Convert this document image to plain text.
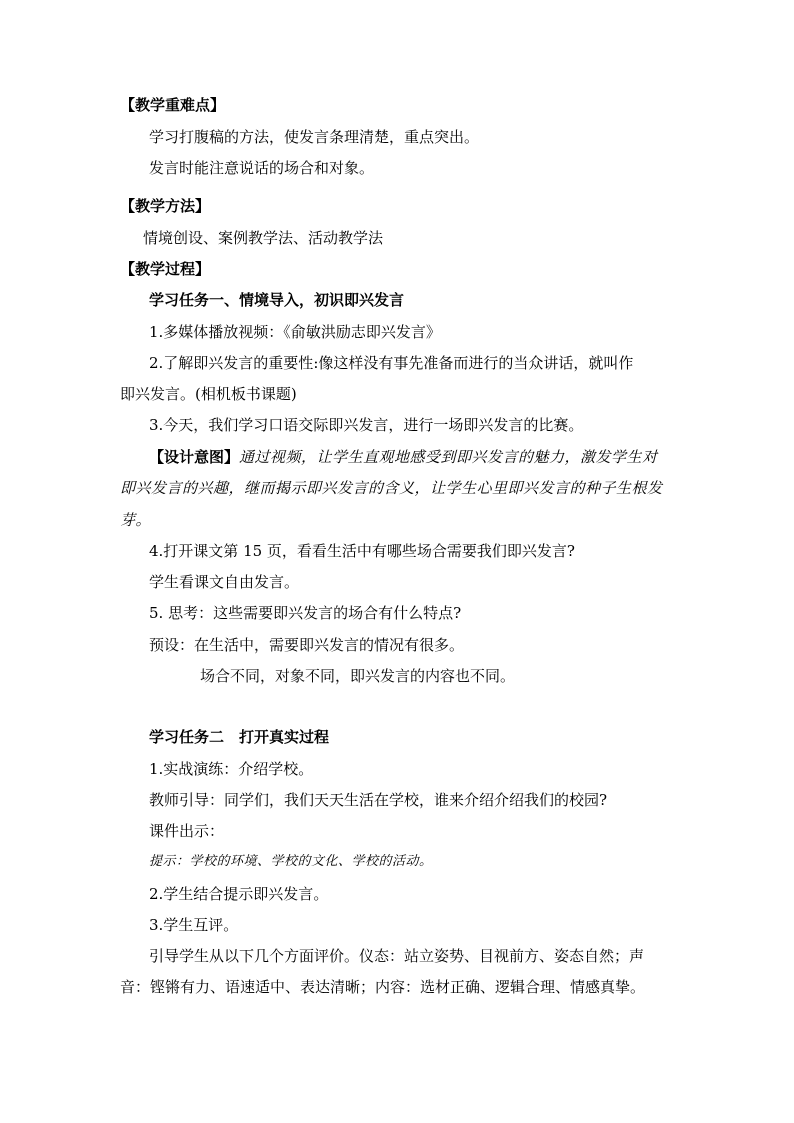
【教学重难点】
学习打腹稿的方法，使发言条理清楚，重点突出。
发言时能注意说话的场合和对象。
【教学方法】
情境创设、案例教学法、活动教学法
【教学过程】
学习任务一、情境导入，初识即兴发言
1.多媒体播放视频：《俞敏洪励志即兴发言》
2.了解即兴发言的重要性:像这样没有事先准备而进行的当众讲话，就叫作
即兴发言。(相机板书课题)
3.今天，我们学习口语交际即兴发言，进行一场即兴发言的比赛。
【设计意图】通过视频，让学生直观地感受到即兴发言的魅力，激发学生对
即兴发言的兴趣，继而揭示即兴发言的含义，让学生心里即兴发言的种子生根发
芽。
4.打开课文第 15 页，看看生活中有哪些场合需要我们即兴发言?
学生看课文自由发言。
5. 思考：这些需要即兴发言的场合有什么特点?
预设：在生活中，需要即兴发言的情况有很多。
场合不同，对象不同，即兴发言的内容也不同。
学习任务二　打开真实过程
1.实战演练：介绍学校。
教师引导：同学们，我们天天生活在学校，谁来介绍介绍我们的校园?
课件出示：
提示：学校的环境、学校的文化、学校的活动。
2.学生结合提示即兴发言。
3.学生互评。
引导学生从以下几个方面评价。仪态：站立姿势、目视前方、姿态自然；声
音：铿锵有力、语速适中、表达清晰；内容：选材正确、逻辑合理、情感真挚。
